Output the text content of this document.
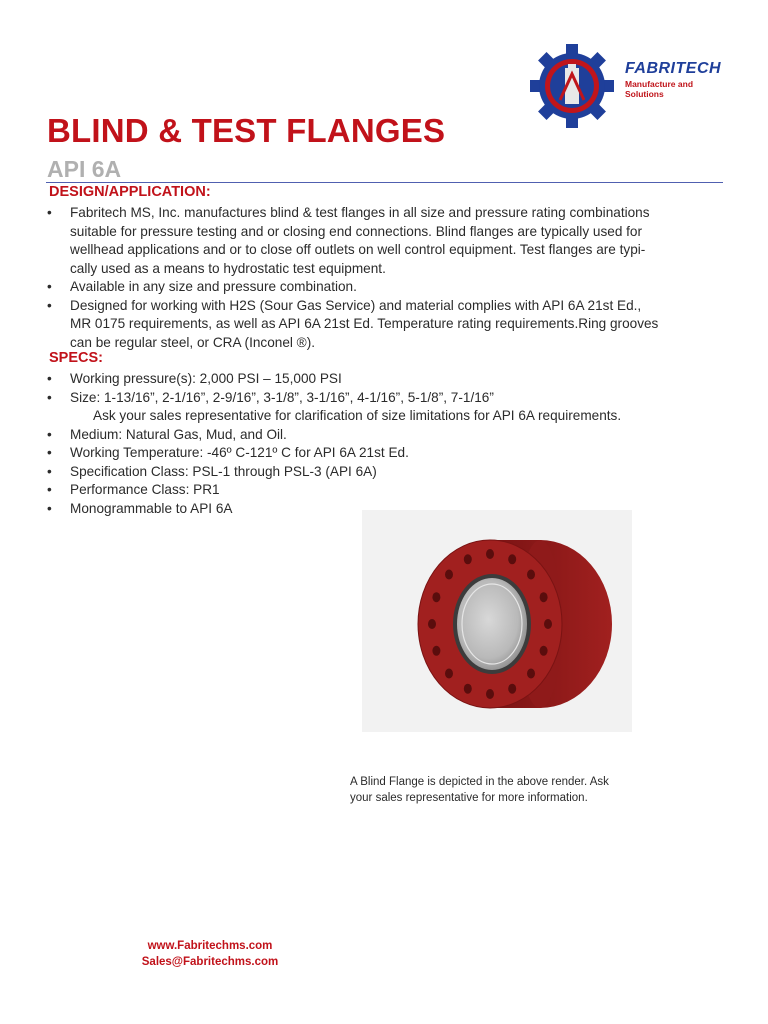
FABRITECH
Manufacture and Solutions
BLIND & TEST FLANGES
API 6A
DESIGN/APPLICATION:
• Fabritech MS, Inc. manufactures blind & test flanges in all size and pressure rating combinations
suitable for pressure testing and or closing end connections. Blind flanges are typically used for
wellhead applications and or to close off outlets on well control equipment. Test flanges are typi-
cally used as a means to hydrostatic test equipment.
• Available in any size and pressure combination.
• Designed for working with H2S (Sour Gas Service) and material complies with API 6A 21st Ed.,
MR 0175 requirements, as well as API 6A 21st Ed. Temperature rating requirements.Ring grooves
can be regular steel, or CRA (Inconel ®).
SPECS:
• Working pressure(s): 2,000 PSI – 15,000 PSI
• Size: 1-13/16”, 2-1/16”, 2-9/16”, 3-1/8”, 3-1/16”, 4-1/16”, 5-1/8”, 7-1/16”
Ask your sales representative for clarification of size limitations for API 6A requirements.
• Medium: Natural Gas, Mud, and Oil.
• Working Temperature: -46º C-121º C for API 6A 21st Ed.
• Specification Class: PSL-1 through PSL-3 (API 6A)
• Performance Class: PR1
• Monogrammable to API 6A
A Blind Flange is depicted in the above render. Ask
your sales representative for more information.
www.Fabritechms.com
Sales@Fabritechms.com
